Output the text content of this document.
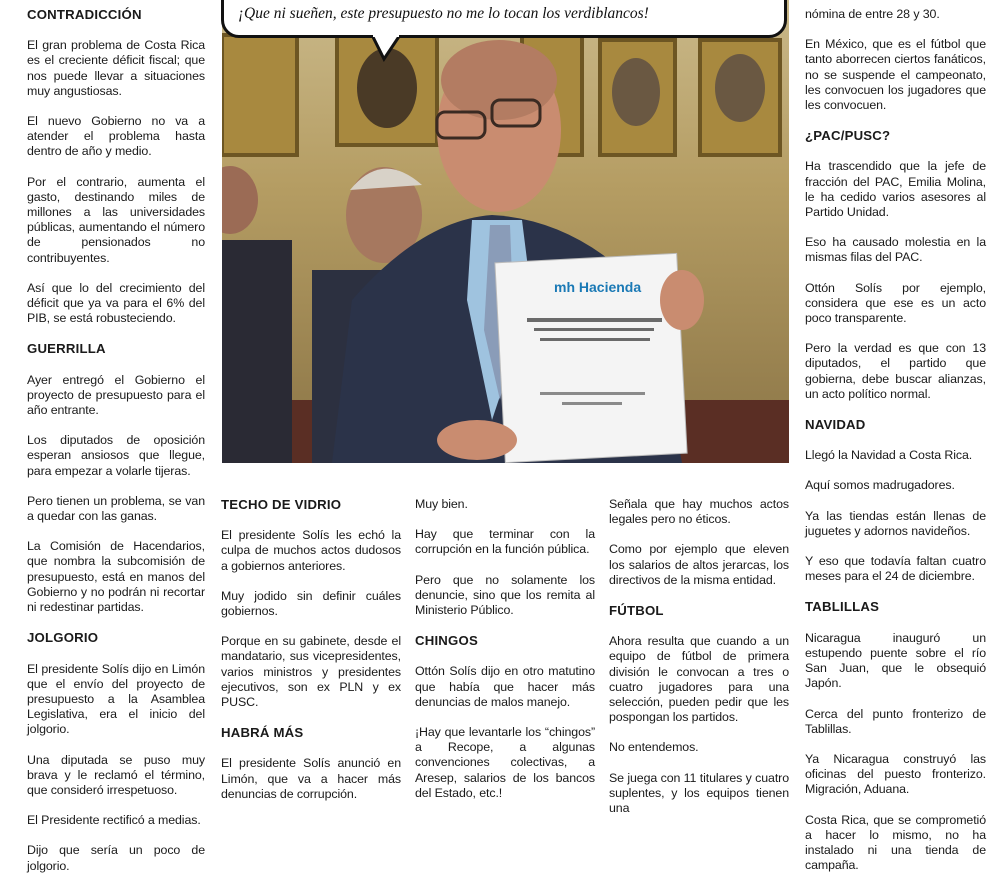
CONTRADICCIÓN

El gran problema de Costa Rica es el creciente déficit fiscal; que nos puede llevar a situaciones muy angustiosas.

El nuevo Gobierno no va a atender el problema hasta dentro de año y medio.

Por el contrario, aumenta el gasto, destinando miles de millones a las universidades públicas, aumentando el número de pensionados no contribuyentes.

Así que lo del crecimiento del déficit que ya va para el 6% del PIB, se está robusteciendo.

GUERRILLA

Ayer entregó el Gobierno el proyecto de presupuesto para el año entrante.

Los diputados de oposición esperan ansiosos que llegue, para empezar a volarle tijeras.

Pero tienen un problema, se van a quedar con las ganas.

La Comisión de Hacendarios, que nombra la subcomisión de presupuesto, está en manos del Gobierno y no podrán ni recortar ni redestinar partidas.

JOLGORIO

El presidente Solís dijo en Limón que el envío del proyecto de presupuesto a la Asamblea Legislativa, era el inicio del jolgorio.

Una diputada se puso muy brava y le reclamó el término, que consideró irrespetuoso.

El Presidente rectificó a medias.

Dijo que sería un poco de jolgorio.

mh Hacienda
¡Que ni sueñen, este presupuesto no me lo tocan los verdiblancos!
TECHO DE VIDRIO

El presidente Solís les echó la culpa de muchos actos dudosos a gobiernos anteriores.

Muy jodido sin definir cuáles gobiernos.

Porque en su gabinete, desde el mandatario, sus vicepresidentes, varios ministros y presidentes ejecutivos, son ex PLN y ex PUSC.

HABRÁ MÁS

El presidente Solís anunció en Limón, que va a hacer más denuncias de corrupción.

Muy bien.

Hay que terminar con la corrupción en la función pública.

Pero que no solamente los denuncie, sino que los remita al Ministerio Público.

CHINGOS

Ottón Solís dijo en otro matutino que había que hacer más denuncias de malos manejo.

¡Hay que levantarle los “chingos” a Recope, a algunas convenciones colectivas, a Aresep, salarios de los bancos del Estado, etc.!

Señala que hay muchos actos legales pero no éticos.

Como por ejemplo que eleven los salarios de altos jerarcas, los directivos de la misma entidad.

FÚTBOL

Ahora resulta que cuando a un equipo de fútbol de primera división le convocan a tres o cuatro jugadores para una selección, pueden pedir que les pospongan los partidos.

No entendemos.

Se juega con 11 titulares y cuatro suplentes, y los equipos tienen una

nómina de entre 28 y 30.

En México, que es el fútbol que tanto aborrecen ciertos fanáticos, no se suspende el campeonato, les convocuen los jugadores que les convocuen.

¿PAC/PUSC?

Ha trascendido que la jefe de fracción del PAC, Emilia Molina, le ha cedido varios asesores al Partido Unidad.

Eso ha causado molestia en la mismas filas del PAC.

Ottón Solís por ejemplo, considera que ese es un acto poco transparente.

Pero la verdad es que con 13 diputados, el partido que gobierna, debe buscar alianzas, un acto político normal.

NAVIDAD

Llegó la Navidad a Costa Rica.

Aquí somos madrugadores.

Ya las tiendas están llenas de juguetes y adornos navideños.

Y eso que todavía faltan cuatro meses para el 24 de diciembre.

TABLILLAS

Nicaragua inauguró un estupendo puente sobre el río San Juan, que le obsequió Japón.

Cerca del punto fronterizo de Tablillas.

Ya Nicaragua construyó las oficinas del puesto fronterizo. Migración, Aduana.

Costa Rica, que se comprometió a hacer lo mismo, no ha instalado ni una tienda de campaña.
